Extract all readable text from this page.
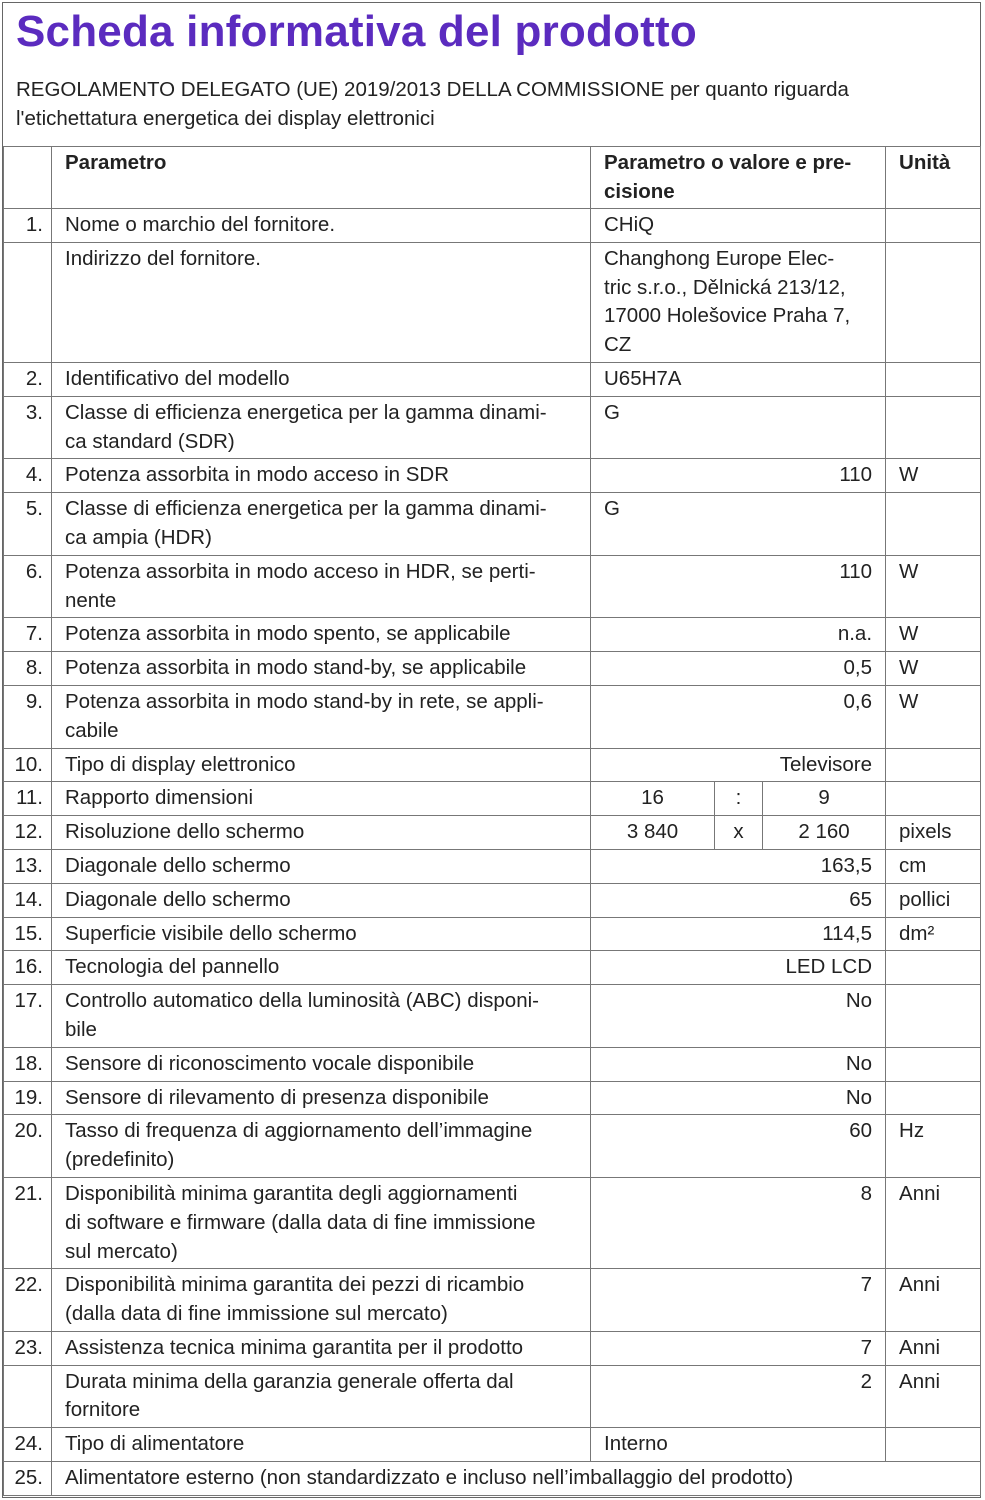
Scheda informativa del prodotto
REGOLAMENTO DELEGATO (UE) 2019/2013 DELLA COMMISSIONE per quanto riguarda
l'etichettatura energetica dei display elettronici
	Parametro	Parametro o valore e pre-
cisione			Unità
1.	Nome o marchio del fornitore.	CHiQ			

	Indirizzo del fornitore.	Changhong Europe Elec-
tric s.r.o., Dělnická 213/12,
17000 Holešovice Praha 7,
CZ			

2.	Identificativo del modello	U65H7A			

3.	Classe di efficienza energetica per la gamma dinami-
ca standard (SDR)	G			

4.	Potenza assorbita in modo acceso in SDR	110			W
5.	Classe di efficienza energetica per la gamma dinami-
ca ampia (HDR)	G			

6.	Potenza assorbita in modo acceso in HDR, se perti-
nente	110			W
7.	Potenza assorbita in modo spento, se applicabile	n.a.			W
8.	Potenza assorbita in modo stand-by, se applicabile	0,5			W
9.	Potenza assorbita in modo stand-by in rete, se appli-
cabile	0,6			W
10.	Tipo di display elettronico	Televisore			

11.	Rapporto dimensioni	16	:	9	
12.	Risoluzione dello schermo	3 840	x	2 160	pixels
13.	Diagonale dello schermo	163,5			cm
14.	Diagonale dello schermo	65			pollici
15.	Superficie visibile dello schermo	114,5			dm²
16.	Tecnologia del pannello	LED LCD			

17.	Controllo automatico della luminosità (ABC) disponi-
bile	No			

18.	Sensore di riconoscimento vocale disponibile	No			

19.	Sensore di rilevamento di presenza disponibile	No			

20.	Tasso di frequenza di aggiornamento dell’immagine
(predefinito)	60			Hz
21.	Disponibilità minima garantita degli aggiornamenti
di software e firmware (dalla data di fine immissione
sul mercato)	8			Anni
22.	Disponibilità minima garantita dei pezzi di ricambio
(dalla data di fine immissione sul mercato)	7			Anni
23.	Assistenza tecnica minima garantita per il prodotto	7			Anni

	Durata minima della garanzia generale offerta dal
fornitore	2			Anni
24.	Tipo di alimentatore	Interno			

25.	Alimentatore esterno (non standardizzato e incluso nell’imballaggio del prodotto)				
